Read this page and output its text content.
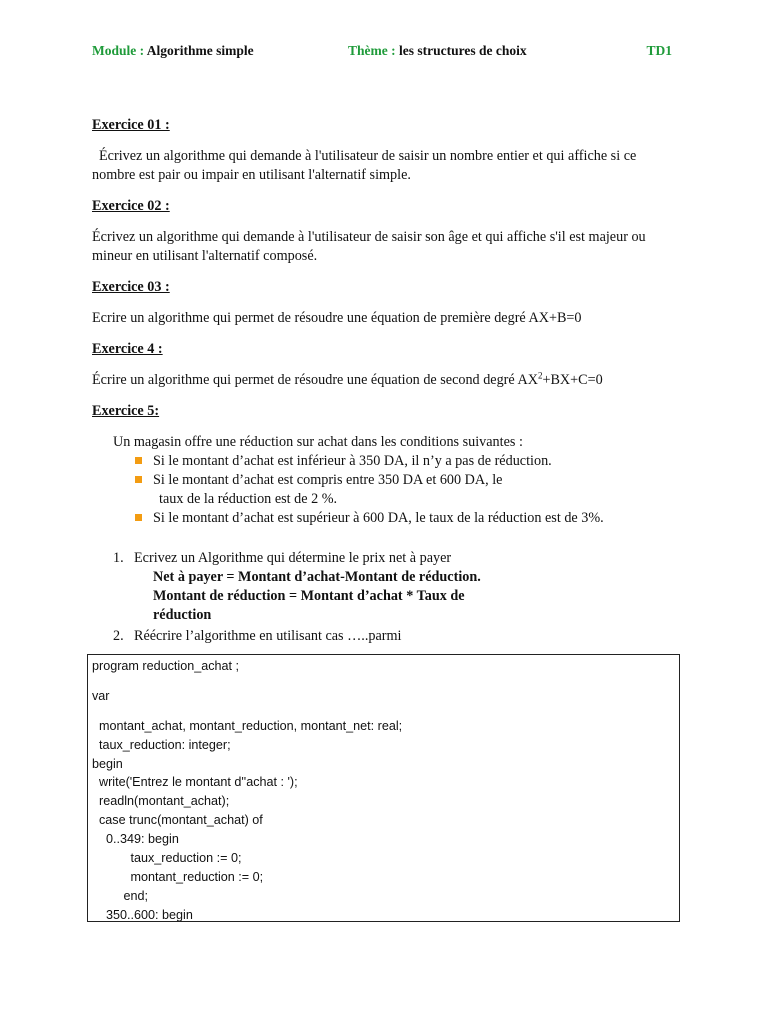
Module : Algorithme simple	Thème : les structures de choix	TD1

Exercice 01 :

Écrivez un algorithme qui demande à l'utilisateur de saisir un nombre entier et qui affiche si ce nombre est pair ou impair en utilisant l'alternatif simple.

Exercice 02 :

Écrivez un algorithme qui demande à l'utilisateur de saisir son âge et qui affiche s'il est majeur ou mineur en utilisant l'alternatif composé.

Exercice 03 :

Ecrire un algorithme qui permet de résoudre une équation de première degré AX+B=0

Exercice 4 :

Écrire un algorithme qui permet de résoudre une équation de second degré $AX^2+BX+C=0$

Exercice 5:

Un magasin offre une réduction sur achat dans les conditions suivantes :

Si le montant d’achat est inférieur à 350 DA, il n’y a pas de réduction.
Si le montant d’achat est compris entre 350 DA et 600 DA, le
taux de la réduction est de 2 %.
Si le montant d’achat est supérieur à 600 DA, le taux de la réduction est de 3%.
1. Ecrivez un Algorithme qui détermine le prix net à payer

Net à payer = Montant d’achat-Montant de réduction.

Montant de réduction = Montant d’achat * Taux de

réduction

2. Réécrire l’algorithme en utilisant cas …..parmi
program reduction_achat ;
var
montant_achat, montant_reduction, montant_net: real;
taux_reduction: integer;
begin
write('Entrez le montant d''achat : ');
readln(montant_achat);
case trunc(montant_achat) of
0..349: begin
taux_reduction := 0;
montant_reduction := 0;
end;
350..600: begin
